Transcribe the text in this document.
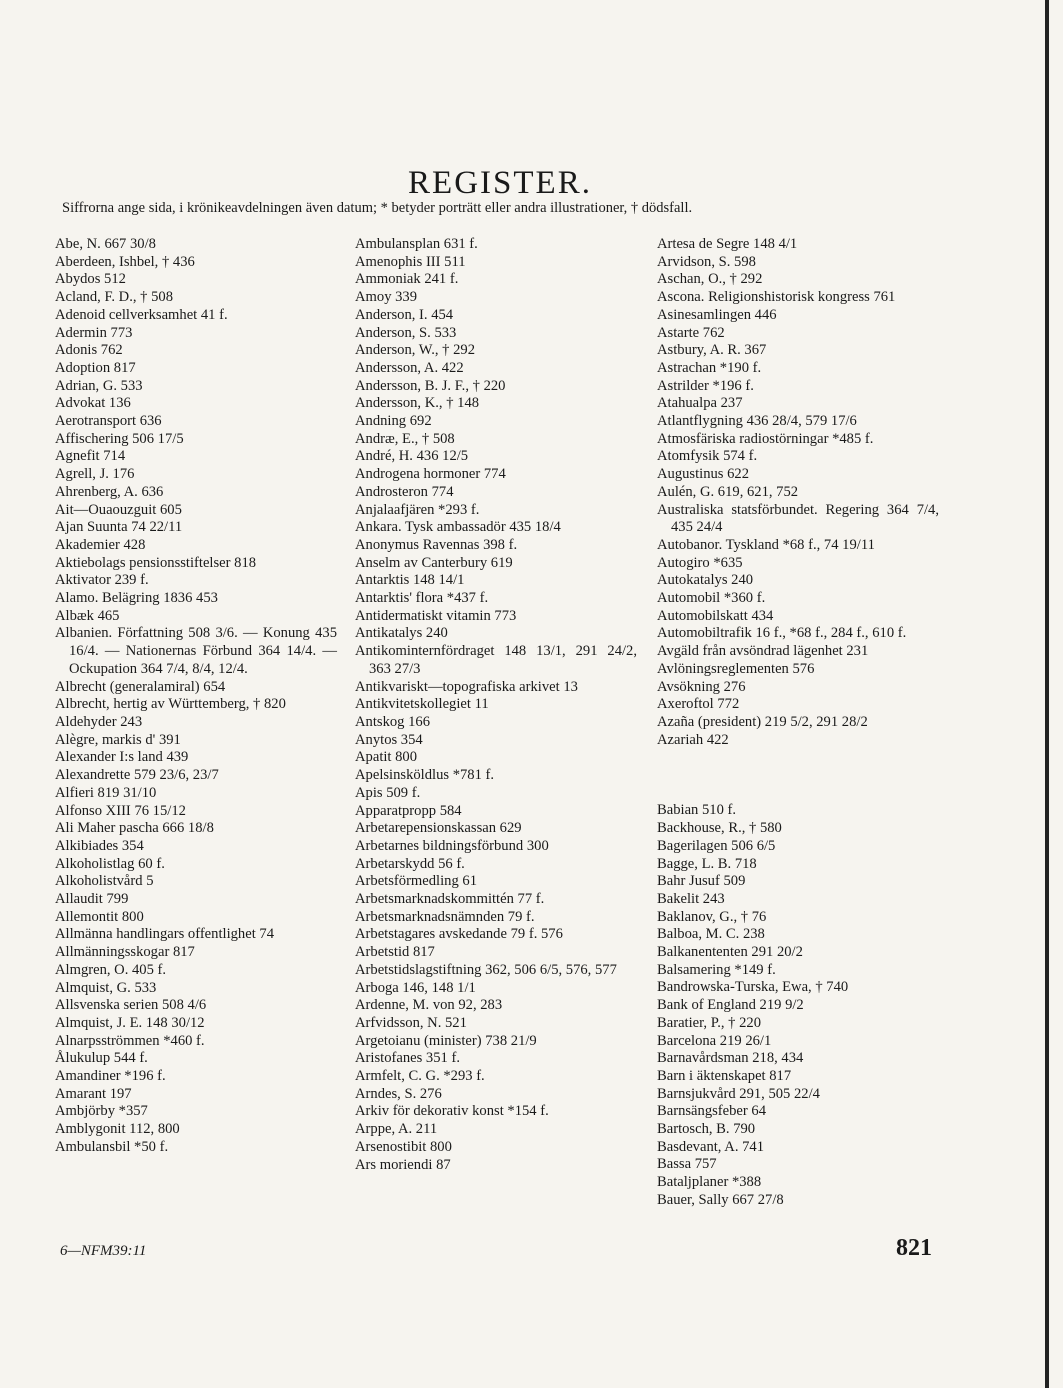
REGISTER.
Siffrorna ange sida, i krönikeavdelningen även datum; * betyder porträtt eller andra illustrationer, † dödsfall.
Abe, N. 667 30/8
Aberdeen, Ishbel, † 436
Abydos 512
Acland, F. D., † 508
Adenoid cellverksamhet 41 f.
Adermin 773
Adonis 762
Adoption 817
Adrian, G. 533
Advokat 136
Aerotransport 636
Affischering 506 17/5
Agnefit 714
Agrell, J. 176
Ahrenberg, A. 636
Ait—Ouaouzguit 605
Ajan Suunta 74 22/11
Akademier 428
Aktiebolags pensionsstiftelser 818
Aktivator 239 f.
Alamo. Belägring 1836 453
Albæk 465
Albanien. Författning 508 3/6. — Konung 435 16/4. — Nationernas Förbund 364 14/4. — Ockupation 364 7/4, 8/4, 12/4.
Albrecht (generalamiral) 654
Albrecht, hertig av Württemberg, † 820
Aldehyder 243
Alègre, markis d' 391
Alexander I:s land 439
Alexandrette 579 23/6, 23/7
Alfieri 819 31/10
Alfonso XIII 76 15/12
Ali Maher pascha 666 18/8
Alkibiades 354
Alkoholistlag 60 f.
Alkoholistvård 5
Allaudit 799
Allemontit 800
Allmänna handlingars offentlighet 74
Allmänningsskogar 817
Almgren, O. 405 f.
Almquist, G. 533
Allsvenska serien 508 4/6
Almquist, J. E. 148 30/12
Alnarpsströmmen *460 f.
Ålukulup 544 f.
Amandiner *196 f.
Amarant 197
Ambjörby *357
Amblygonit 112, 800
Ambulansbil *50 f.
Ambulansplan 631 f.
Amenophis III 511
Ammoniak 241 f.
Amoy 339
Anderson, I. 454
Anderson, S. 533
Anderson, W., † 292
Andersson, A. 422
Andersson, B. J. F., † 220
Andersson, K., † 148
Andning 692
Andræ, E., † 508
André, H. 436 12/5
Androgena hormoner 774
Androsteron 774
Anjalaafjären *293 f.
Ankara. Tysk ambassadör 435 18/4
Anonymus Ravennas 398 f.
Anselm av Canterbury 619
Antarktis 148 14/1
Antarktis' flora *437 f.
Antidermatiskt vitamin 773
Antikatalys 240
Antikominternfördraget 148 13/1, 291 24/2, 363 27/3
Antikvariskt—topografiska arkivet 13
Antikvitetskollegiet 11
Antskog 166
Anytos 354
Apatit 800
Apelsinsköldlus *781 f.
Apis 509 f.
Apparatpropp 584
Arbetarepensionskassan 629
Arbetarnes bildningsförbund 300
Arbetarskydd 56 f.
Arbetsförmedling 61
Arbetsmarknadskommittén 77 f.
Arbetsmarknadsnämnden 79 f.
Arbetstagares avskedande 79 f. 576
Arbetstid 817
Arbetstidslagstiftning 362, 506 6/5, 576, 577
Arboga 146, 148 1/1
Ardenne, M. von 92, 283
Arfvidsson, N. 521
Argetoianu (minister) 738 21/9
Aristofanes 351 f.
Armfelt, C. G. *293 f.
Arndes, S. 276
Arkiv för dekorativ konst *154 f.
Arppe, A. 211
Arsenostibit 800
Ars moriendi 87
Artesa de Segre 148 4/1
Arvidson, S. 598
Aschan, O., † 292
Ascona. Religionshistorisk kongress 761
Asinesamlingen 446
Astarte 762
Astbury, A. R. 367
Astrachan *190 f.
Astrilder *196 f.
Atahualpa 237
Atlantflygning 436 28/4, 579 17/6
Atmosfäriska radiostörningar *485 f.
Atomfysik 574 f.
Augustinus 622
Aulén, G. 619, 621, 752
Australiska statsförbundet. Regering 364 7/4, 435 24/4
Autobanor. Tyskland *68 f., 74 19/11
Autogiro *635
Autokatalys 240
Automobil *360 f.
Automobilskatt 434
Automobiltrafik 16 f., *68 f., 284 f., 610 f.
Avgäld från avsöndrad lägenhet 231
Avlöningsreglementen 576
Avsökning 276
Axeroftol 772
Azaña (president) 219 5/2, 291 28/2
Azariah 422
Babian 510 f.
Backhouse, R., † 580
Bagerilagen 506 6/5
Bagge, L. B. 718
Bahr Jusuf 509
Bakelit 243
Baklanov, G., † 76
Balboa, M. C. 238
Balkanententen 291 20/2
Balsamering *149 f.
Bandrowska-Turska, Ewa, † 740
Bank of England 219 9/2
Baratier, P., † 220
Barcelona 219 26/1
Barnavårdsman 218, 434
Barn i äktenskapet 817
Barnsjukvård 291, 505 22/4
Barnsängsfeber 64
Bartosch, B. 790
Basdevant, A. 741
Bassa 757
Bataljplaner *388
Bauer, Sally 667 27/8
6—NFM39:11	821
